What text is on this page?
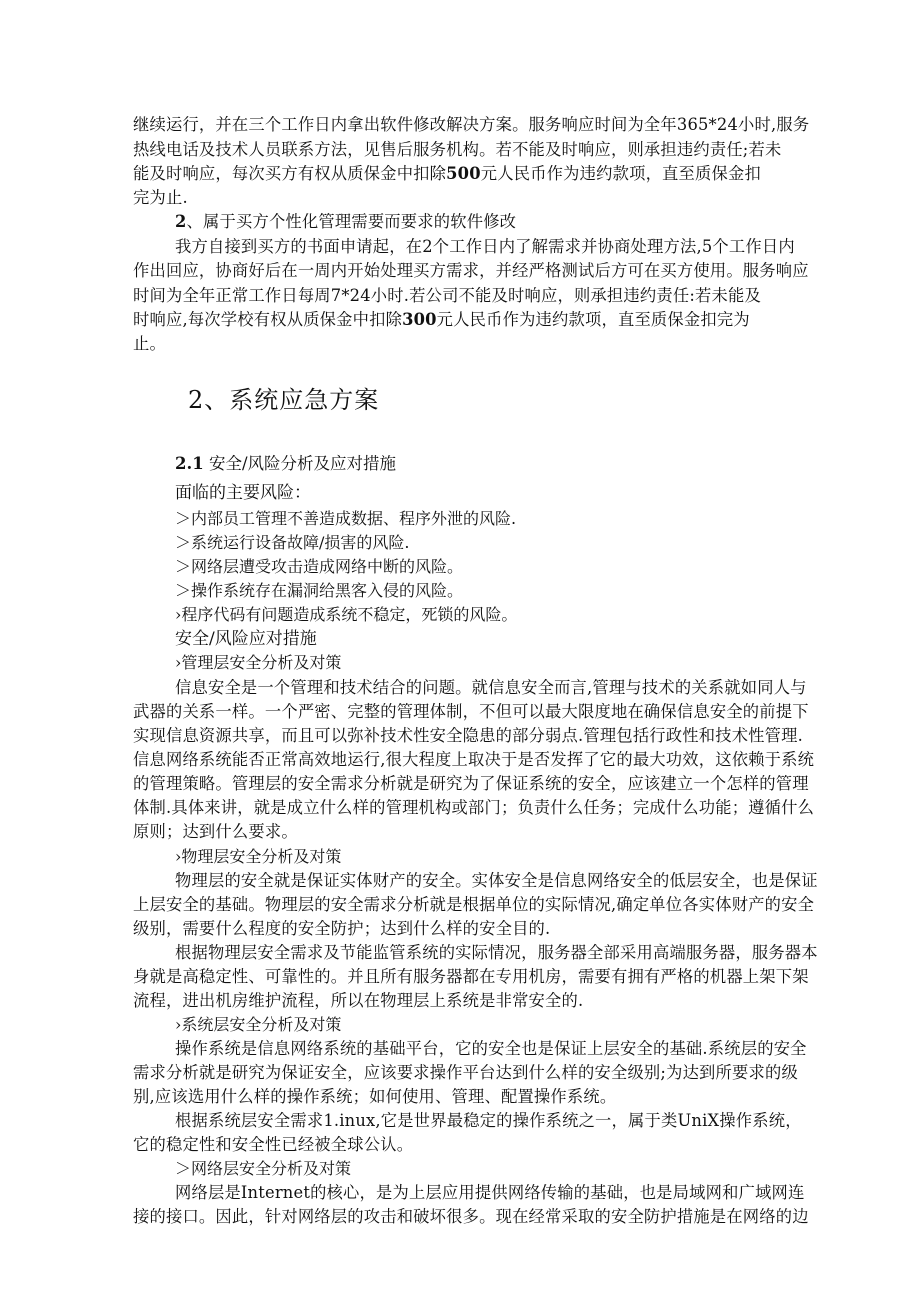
继续运行，并在三个工作日内拿出软件修改解决方案。服务响应时间为全年365*24小时,服务
热线电话及技术人员联系方法，见售后服务机构。若不能及时响应，则承担违约责任;若未
能及时响应，每次买方有权从质保金中扣除500元人民币作为违约款项，直至质保金扣
完为止.
2、属于买方个性化管理需要而要求的软件修改
我方自接到买方的书面申请起，在2个工作日内了解需求并协商处理方法,5个工作日内
作出回应，协商好后在一周内开始处理买方需求，并经严格测试后方可在买方使用。服务响应
时间为全年正常工作日每周7*24小时.若公司不能及时响应，则承担违约责任:若未能及
时响应,每次学校有权从质保金中扣除300元人民币作为违约款项，直至质保金扣完为
止。
2、系统应急方案
2.1 安全/风险分析及应对措施
面临的主要风险：
＞内部员工管理不善造成数据、程序外泄的风险.
＞系统运行设备故障/损害的风险.
＞网络层遭受攻击造成网络中断的风险。
＞操作系统存在漏洞给黑客入侵的风险。
›程序代码有问题造成系统不稳定，死锁的风险。
安全/风险应对措施
›管理层安全分析及对策
信息安全是一个管理和技术结合的问题。就信息安全而言,管理与技术的关系就如同人与
武器的关系一样。一个严密、完整的管理体制，不但可以最大限度地在确保信息安全的前提下
实现信息资源共享，而且可以弥补技术性安全隐患的部分弱点.管理包括行政性和技术性管理.
信息网络系统能否正常高效地运行,很大程度上取决于是否发挥了它的最大功效，这依赖于系统
的管理策略。管理层的安全需求分析就是研究为了保证系统的安全，应该建立一个怎样的管理
体制.具体来讲，就是成立什么样的管理机构或部门；负责什么任务；完成什么功能；遵循什么
原则；达到什么要求。
›物理层安全分析及对策
物理层的安全就是保证实体财产的安全。实体安全是信息网络安全的低层安全，也是保证
上层安全的基础。物理层的安全需求分析就是根据单位的实际情况,确定单位各实体财产的安全
级别，需要什么程度的安全防护；达到什么样的安全目的.
根据物理层安全需求及节能监管系统的实际情况，服务器全部采用高端服务器，服务器本
身就是高稳定性、可靠性的。并且所有服务器都在专用机房，需要有拥有严格的机器上架下架
流程，进出机房维护流程，所以在物理层上系统是非常安全的.
›系统层安全分析及对策
操作系统是信息网络系统的基础平台，它的安全也是保证上层安全的基础.系统层的安全
需求分析就是研究为保证安全，应该要求操作平台达到什么样的安全级别;为达到所要求的级
别,应该选用什么样的操作系统；如何使用、管理、配置操作系统。
根据系统层安全需求1.inux,它是世界最稳定的操作系统之一，属于类UniX操作系统，
它的稳定性和安全性已经被全球公认。
＞网络层安全分析及对策
网络层是Internet的核心，是为上层应用提供网络传输的基础，也是局域网和广域网连
接的接口。因此，针对网络层的攻击和破坏很多。现在经常采取的安全防护措施是在网络的边
